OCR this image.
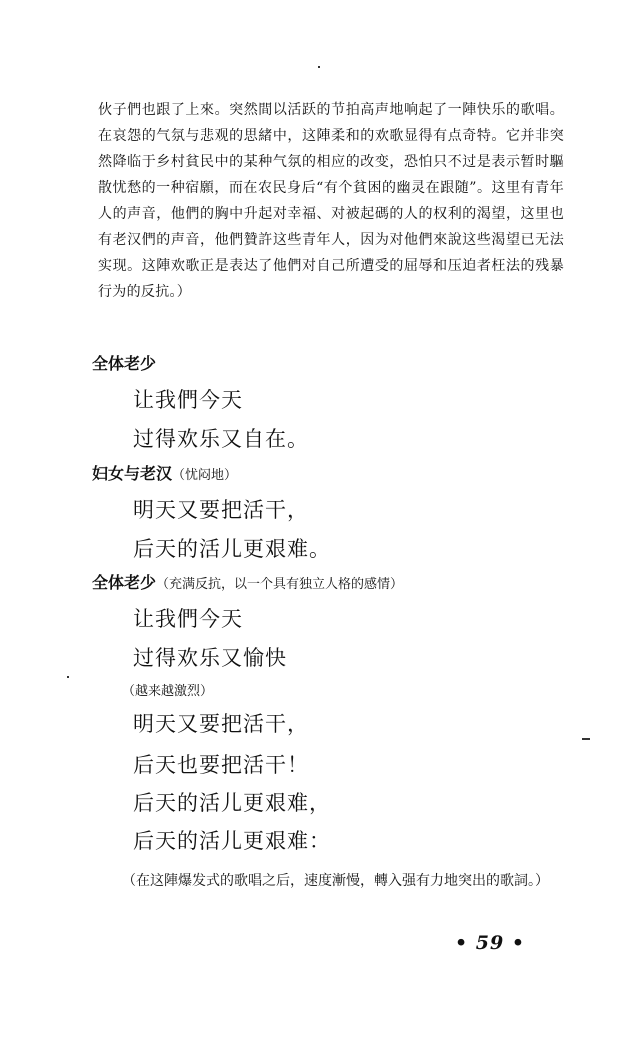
伙子們也跟了上來。突然間以活跃的节拍高声地响起了一陣快乐的歌唱。在哀怨的气氛与悲观的思緒中，这陣柔和的欢歌显得有点奇特。它并非突然降临于乡村貧民中的某种气氛的相应的改变，恐怕只不过是表示暂时驅散忧愁的一种宿願，而在农民身后“有个貧困的幽灵在跟随”。这里有青年人的声音，他們的胸中升起对幸福、对被起碼的人的权利的渴望，这里也有老汉們的声音，他們贊許这些青年人，因为对他們來說这些渴望已无法实现。这陣欢歌正是表达了他們对自己所遭受的屈辱和压迫者枉法的残暴行为的反抗。）

全体老少
让我們今天
过得欢乐又自在。
妇女与老汉（忧闷地）
明天又要把活干，
后天的活儿更艰难。
全体老少（充满反抗，以一个具有独立人格的感情）
让我們今天
过得欢乐又愉快
（越来越激烈）
明天又要把活干，
后天也要把活干！
后天的活儿更艰难，
后天的活儿更艰难：

（在这陣爆发式的歌唱之后，速度漸慢，轉入强有力地突出的歌詞。）

• 59 •
